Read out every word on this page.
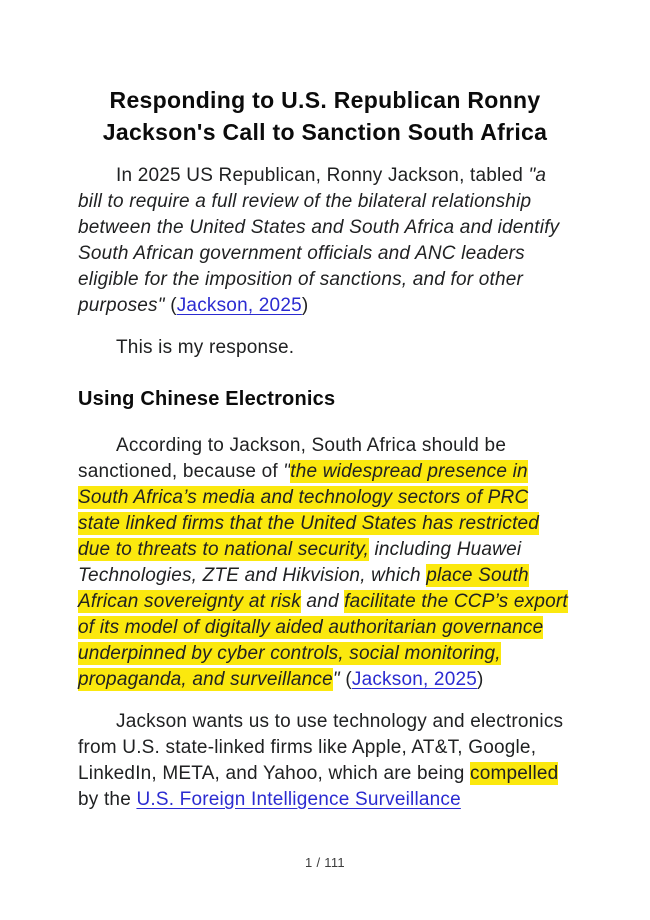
Responding to U.S. Republican Ronny
Jackson's Call to Sanction South Africa

In 2025 US Republican, Ronny Jackson, tabled "a bill to require a full review of the bilateral relationship between the United States and South Africa and identify South African government officials and ANC leaders eligible for the imposition of sanctions, and for other purposes" (Jackson, 2025)

This is my response.

Using Chinese Electronics

According to Jackson, South Africa should be sanctioned, because of "the widespread presence in South Africa’s media and technology sectors of PRC state linked firms that the United States has restricted due to threats to national security, including Huawei Technologies, ZTE and Hikvision, which place South African sovereignty at risk and facilitate the CCP’s export of its model of digitally aided authoritarian governance underpinned by cyber controls, social monitoring, propaganda, and surveillance" (Jackson, 2025)

Jackson wants us to use technology and electronics from U.S. state-linked firms like Apple, AT&T, Google, LinkedIn, META, and Yahoo, which are being compelled by the U.S. Foreign Intelligence Surveillance

1 / 111
